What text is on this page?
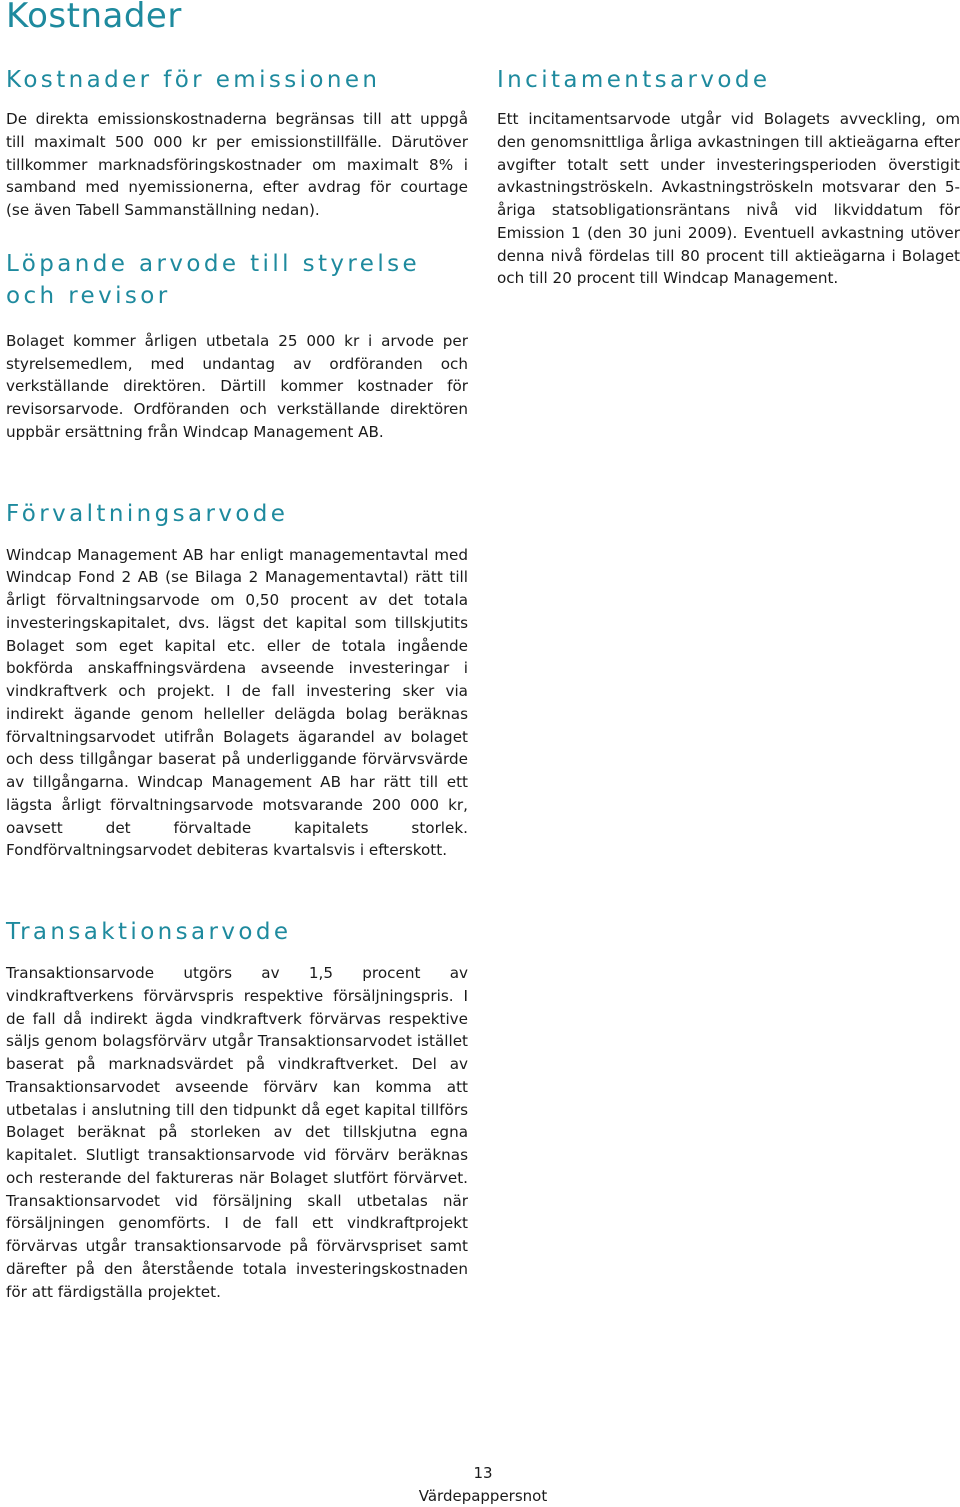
Kostnader
Kostnader för emissionen

De direkta emissionskostnaderna begränsas till att uppgå till maximalt 500 000 kr per emissionstillfälle. Därutöver tillkommer marknadsföringskostnader om maximalt 8% i samband med nyemissionerna, efter avdrag för courtage (se även Tabell Sammanställning nedan).

Löpande arvode till styrelse och revisor

Bolaget kommer årligen utbetala 25 000 kr i arvode per styrelsemedlem, med undantag av ordföranden och verkställande direktören. Därtill kommer kostnader för revisorsarvode. Ordföranden och verkställande direktören uppbär ersättning från Windcap Management AB.

Förvaltningsarvode

Windcap Management AB har enligt managementavtal med Windcap Fond 2 AB (se Bilaga 2 Managementavtal) rätt till årligt förvaltningsarvode om 0,50 procent av det totala investeringskapitalet, dvs. lägst det kapital som tillskjutits Bolaget som eget kapital etc. eller de totala ingående bokförda anskaffningsvärdena avseende investeringar i vindkraftverk och projekt. I de fall investering sker via indirekt ägande genom helleller delägda bolag beräknas förvaltningsarvodet utifrån Bolagets ägarandel av bolaget och dess tillgångar baserat på underliggande förvärvsvärde av tillgångarna. Windcap Management AB har rätt till ett lägsta årligt förvaltningsarvode motsvarande 200 000 kr, oavsett det förvaltade kapitalets storlek. Fondförvaltningsarvodet debiteras kvartalsvis i efterskott.

Transaktionsarvode

Transaktionsarvode utgörs av 1,5 procent av vindkraftverkens förvärvspris respektive försäljningspris. I de fall då indirekt ägda vindkraftverk förvärvas respektive säljs genom bolagsförvärv utgår Transaktionsarvodet istället baserat på marknadsvärdet på vindkraftverket. Del av Transaktionsarvodet avseende förvärv kan komma att utbetalas i anslutning till den tidpunkt då eget kapital tillförs Bolaget beräknat på storleken av det tillskjutna egna kapitalet. Slutligt transaktionsarvode vid förvärv beräknas och resterande del faktureras när Bolaget slutfört förvärvet. Transaktionsarvodet vid försäljning skall utbetalas när försäljningen genomförts. I de fall ett vindkraftprojekt förvärvas utgår transaktionsarvode på förvärvspriset samt därefter på den återstående totala investeringskostnaden för att färdigställa projektet.

Incitamentsarvode

Ett incitamentsarvode utgår vid Bolagets avveckling, om den genomsnittliga årliga avkastningen till aktieägarna efter avgifter totalt sett under investeringsperioden överstigit avkastningströskeln. Avkastningströskeln motsvarar den 5-åriga statsobligationsräntans nivå vid likviddatum för Emission 1 (den 30 juni 2009). Eventuell avkastning utöver denna nivå fördelas till 80 procent till aktieägarna i Bolaget och till 20 procent till Windcap Management.

13
Värdepappersnot
